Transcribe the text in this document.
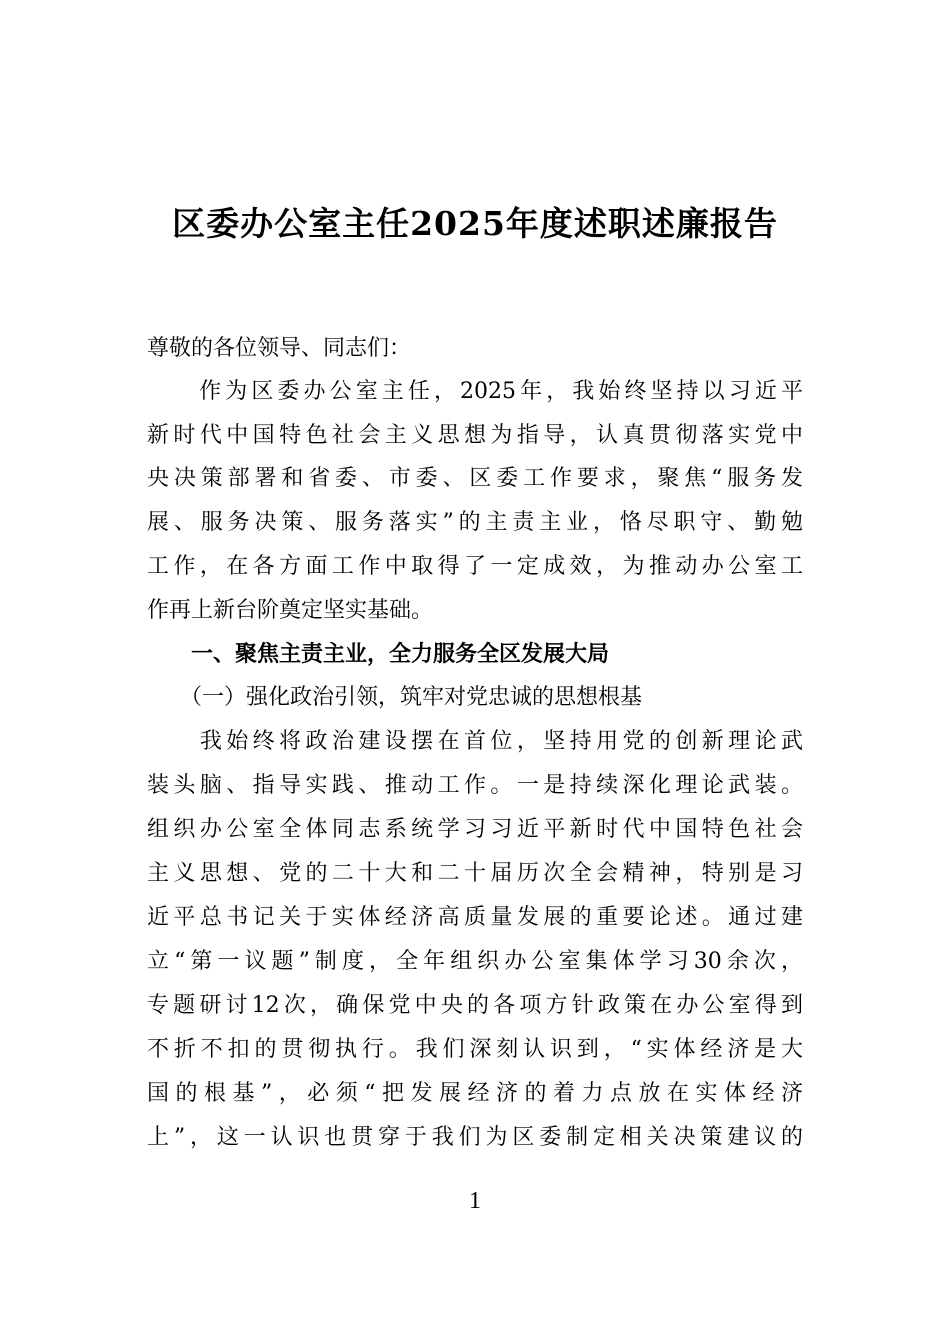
区委办公室主任2025年度述职述廉报告

尊敬的各位领导、同志们：

　　作为区委办公室主任，2025年，我始终坚持以习近平

新时代中国特色社会主义思想为指导，认真贯彻落实党中

央决策部署和省委、市委、区委工作要求，聚焦“服务发

展、服务决策、服务落实”的主责主业，恪尽职守、勤勉

工作，在各方面工作中取得了一定成效，为推动办公室工

作再上新台阶奠定坚实基础。

　　一、聚焦主责主业，全力服务全区发展大局

　　（一）强化政治引领，筑牢对党忠诚的思想根基

　　我始终将政治建设摆在首位，坚持用党的创新理论武

装头脑、指导实践、推动工作。一是持续深化理论武装。

组织办公室全体同志系统学习习近平新时代中国特色社会

主义思想、党的二十大和二十届历次全会精神，特别是习

近平总书记关于实体经济高质量发展的重要论述。通过建

立“第一议题”制度，全年组织办公室集体学习30余次，

专题研讨12次，确保党中央的各项方针政策在办公室得到

不折不扣的贯彻执行。我们深刻认识到，“实体经济是大

国的根基”，必须“把发展经济的着力点放在实体经济

上”，这一认识也贯穿于我们为区委制定相关决策建议的

1
